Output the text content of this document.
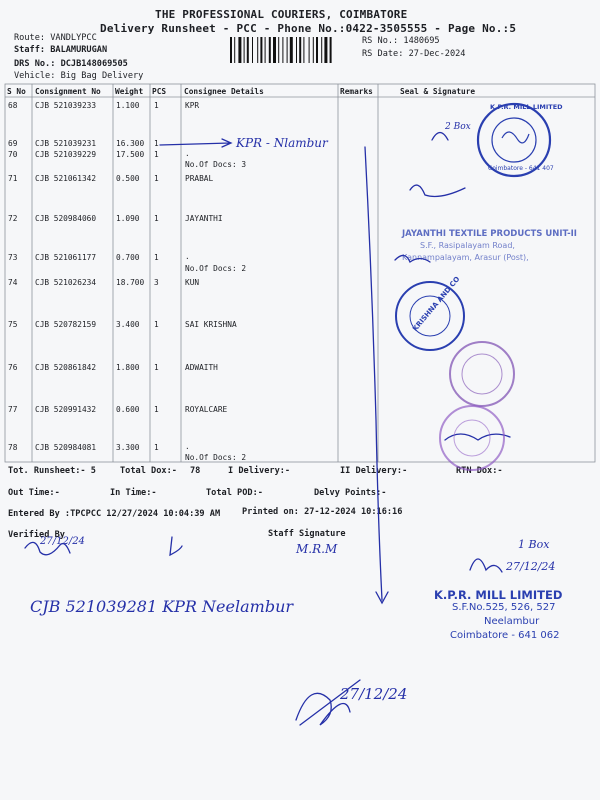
THE PROFESSIONAL COURIERS, COIMBATORE
Delivery Runsheet - PCC - Phone No.:0422-3505555 - Page No.:5
Route: VANDLYPCC
Staff: BALAMURUGAN
DRS No.: DCJB148069505
Vehicle: Big Bag Delivery
RS No.: 1480695
RS Date: 27-Dec-2024
S No Consignment No Weight PCS Consignee Details	Remarks	Seal & Signature
68 CJB 521039233	1.100 1	KPR
69 CJB 521039231	16.300 1
70 CJB 521039229	17.500 1	.
No.Of Docs: 3
71 CJB 521061342	0.500 1	PRABAL
72 CJB 520984060	1.090 1	JAYANTHI
73 CJB 521061177	0.700 1	.
No.Of Docs: 2
74 CJB 521026234	18.700 3	KUN
75 CJB 520782159	3.400 1	SAI KRISHNA
76 CJB 520861842	1.800 1	ADWAITH
77 CJB 520991432	0.600 1	ROYALCARE
78 CJB 520984081	3.300 1	.
No.Of Docs: 2
Tot. Runsheet:- 5	Total Dox:- 78	I Delivery:-	II Delivery:-	RTN Dox:-
Out Time:-	In Time:-	Total POD:-	Delvy Points:-
Entered By :TPCPCC 12/27/2024 10:04:39 AM	Printed on: 27-12-2024 10:16:16
Verified By	Staff Signature
KPR - Nlambur
CJB 521039281 KPR Neelambur
2 Box
27/12/24
M.R.M	1 Box
27/12/24
27/12/24
K.P.R. MILL LIMITED
Coimbatore - 641 407
JAYANTHI TEXTILE PRODUCTS UNIT-II
S.F., Rasipalayam Road,
Kannampalayam, Arasur (Post),
KRISHNA AND CO
K.P.R. MILL LIMITED
S.F.No.525, 526, 527
Neelambur
Coimbatore - 641 062
